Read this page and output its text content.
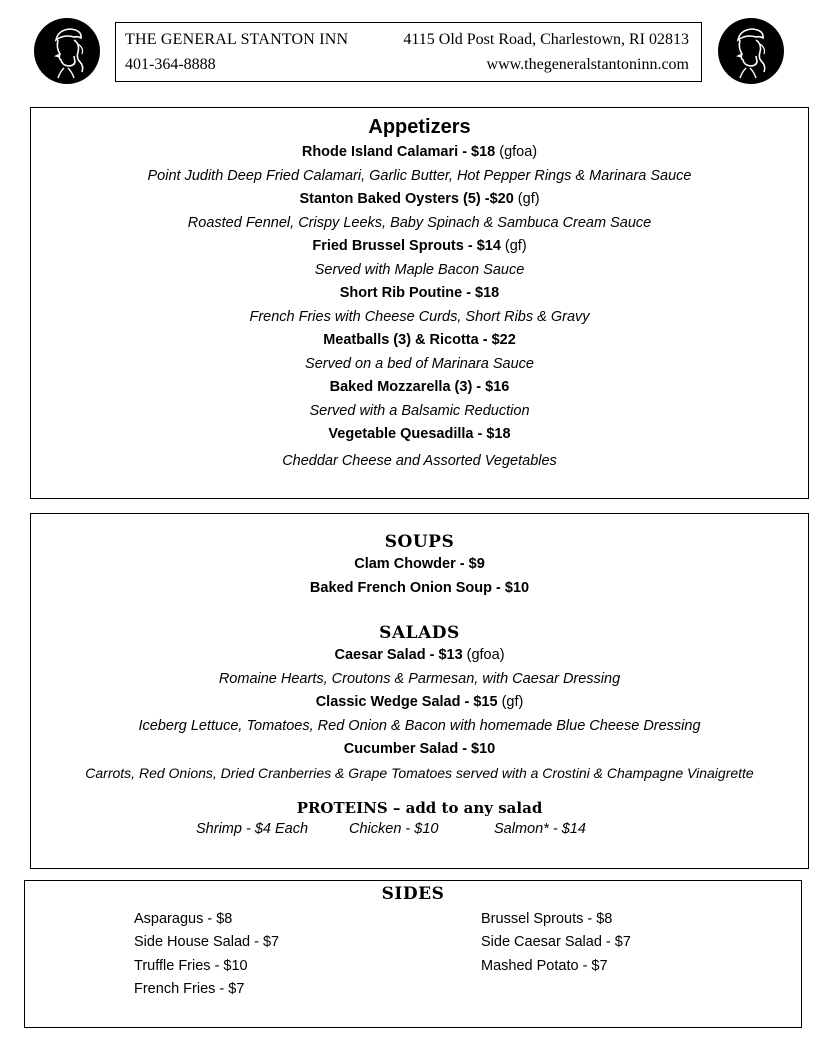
THE GENERAL STANTON INN	4115 Old Post Road, Charlestown, RI 02813
401-364-8888	www.thegeneralstantoninn.com
Appetizers
Rhode Island Calamari - $18 (gfoa)
Point Judith Deep Fried Calamari, Garlic Butter, Hot Pepper Rings & Marinara Sauce
Stanton Baked Oysters (5) -$20 (gf)
Roasted Fennel, Crispy Leeks, Baby Spinach & Sambuca Cream Sauce
Fried Brussel Sprouts - $14 (gf)
Served with Maple Bacon Sauce
Short Rib Poutine - $18
French Fries with Cheese Curds, Short Ribs & Gravy
Meatballs (3) & Ricotta - $22
Served on a bed of Marinara Sauce
Baked Mozzarella (3) - $16
Served with a Balsamic Reduction
Vegetable Quesadilla - $18
Cheddar Cheese and Assorted Vegetables
SOUPS
Clam Chowder - $9
Baked French Onion Soup - $10
SALADS
Caesar Salad - $13 (gfoa)
Romaine Hearts, Croutons & Parmesan, with Caesar Dressing
Classic Wedge Salad - $15 (gf)
Iceberg Lettuce, Tomatoes, Red Onion & Bacon with homemade Blue Cheese Dressing
Cucumber Salad - $10
Carrots, Red Onions, Dried Cranberries & Grape Tomatoes served with a Crostini & Champagne Vinaigrette
PROTEINS – add to any salad
Shrimp - $4 Each	Chicken - $10	Salmon* - $14
SIDES
Asparagus - $8
Side House Salad - $7
Truffle Fries - $10
French Fries - $7
Brussel Sprouts - $8
Side Caesar Salad - $7
Mashed Potato - $7
